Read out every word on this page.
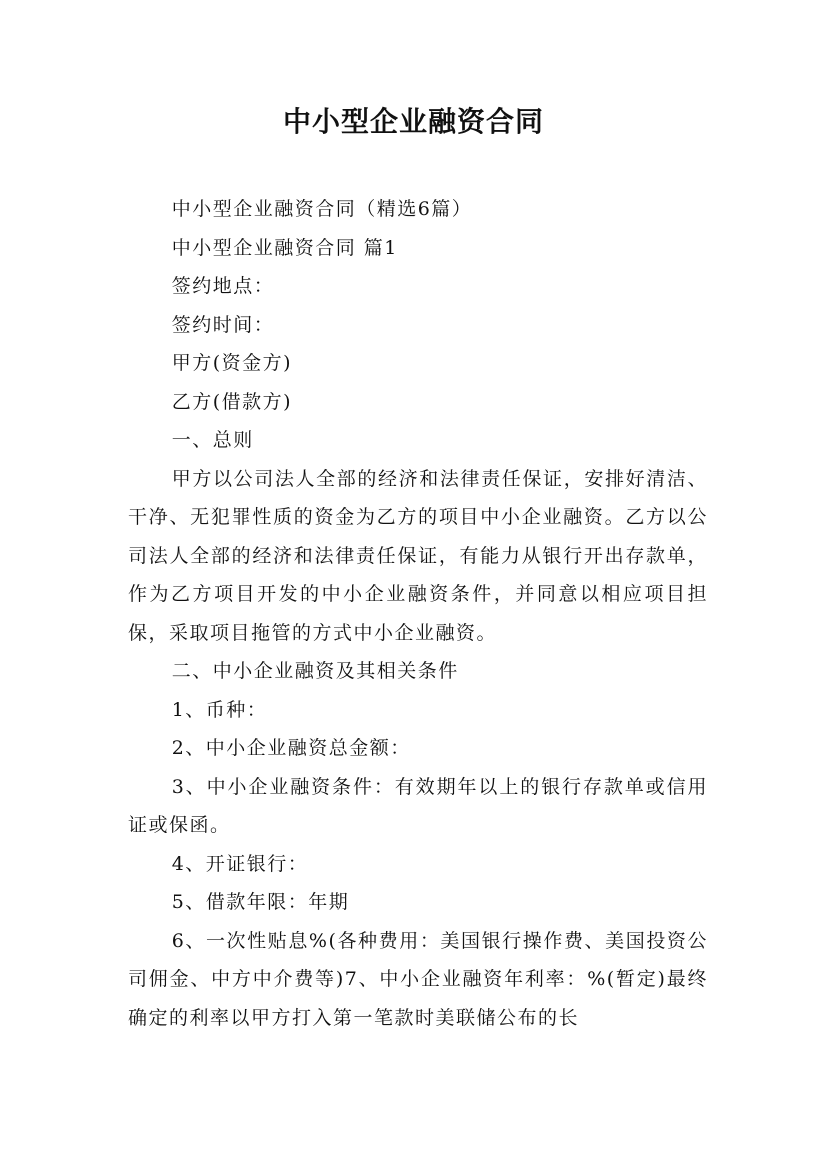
中小型企业融资合同

中小型企业融资合同（精选6篇）

中小型企业融资合同 篇1

签约地点：

签约时间：

甲方(资金方)

乙方(借款方)

一、总则

甲方以公司法人全部的经济和法律责任保证，安排好清洁、干净、无犯罪性质的资金为乙方的项目中小企业融资。乙方以公司法人全部的经济和法律责任保证，有能力从银行开出存款单，作为乙方项目开发的中小企业融资条件，并同意以相应项目担保，采取项目拖管的方式中小企业融资。

二、中小企业融资及其相关条件

1、币种：

2、中小企业融资总金额：

3、中小企业融资条件：有效期年以上的银行存款单或信用证或保函。

4、开证银行：

5、借款年限：年期

6、一次性贴息%(各种费用：美国银行操作费、美国投资公司佣金、中方中介费等)7、中小企业融资年利率：%(暂定)最终确定的利率以甲方打入第一笔款时美联储公布的长
